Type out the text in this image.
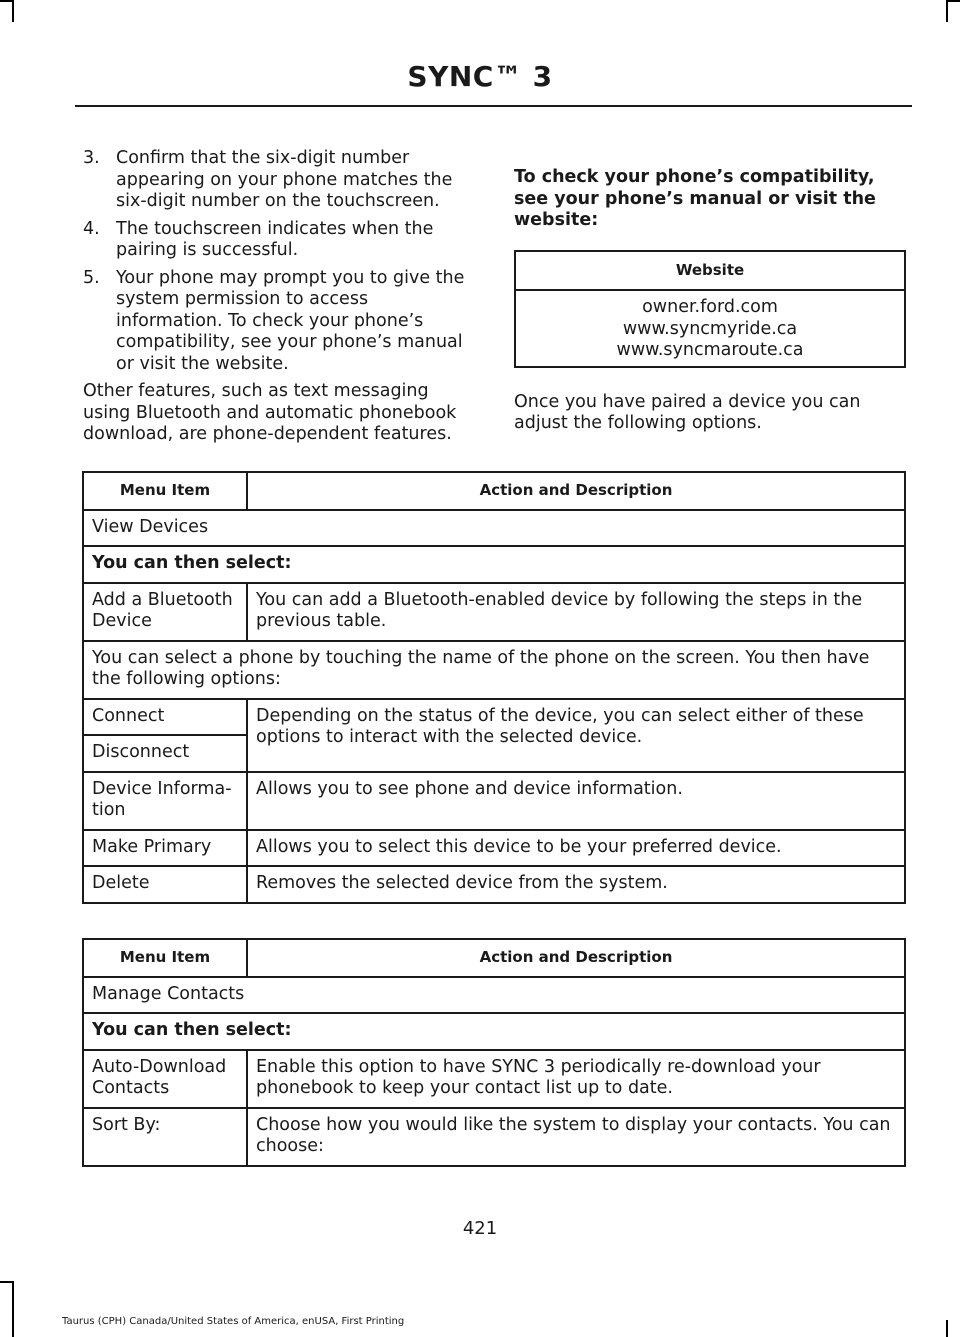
SYNC™ 3
3. Confirm that the six-digit number appearing on your phone matches the six-digit number on the touchscreen.
4. The touchscreen indicates when the pairing is successful.
5. Your phone may prompt you to give the system permission to access information. To check your phone’s compatibility, see your phone’s manual or visit the website.
Other features, such as text messaging using Bluetooth and automatic phonebook download, are phone-dependent features.
To check your phone’s compatibility, see your phone’s manual or visit the website:
Website

owner.ford.com
www.syncmyride.ca
www.syncmaroute.ca
Once you have paired a device you can adjust the following options.
Menu Item	Action and Description
View Devices	
You can then select:	
Add a Bluetooth Device	You can add a Bluetooth-enabled device by following the steps in the previous table.
You can select a phone by touching the name of the phone on the screen. You then have the following options:	
Connect	Depending on the status of the device, you can select either of these options to interact with the selected device.
Disconnect	
Device Informa- tion	Allows you to see phone and device information.
Make Primary	Allows you to select this device to be your preferred device.
Delete	Removes the selected device from the system.
Menu Item	Action and Description
Manage Contacts	
You can then select:	
Auto-Download Contacts	Enable this option to have SYNC 3 periodically re-download your phonebook to keep your contact list up to date.
Sort By:	Choose how you would like the system to display your contacts. You can choose:
421
Taurus (CPH) Canada/United States of America, enUSA, First Printing
